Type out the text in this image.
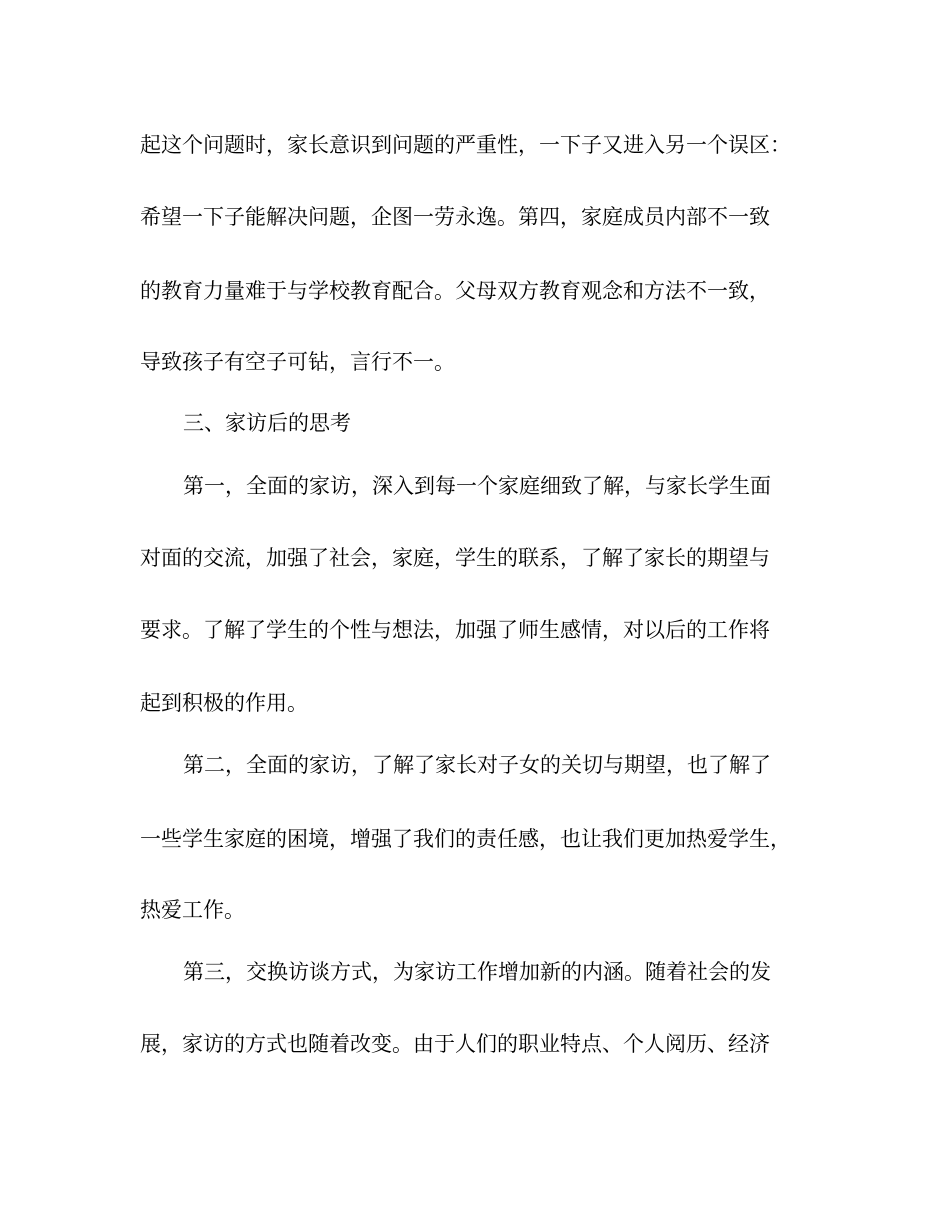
起这个问题时，家长意识到问题的严重性，一下子又进入另一个误区：
希望一下子能解决问题，企图一劳永逸。第四，家庭成员内部不一致
的教育力量难于与学校教育配合。父母双方教育观念和方法不一致，
导致孩子有空子可钻，言行不一。
三、家访后的思考
第一，全面的家访，深入到每一个家庭细致了解，与家长学生面
对面的交流，加强了社会，家庭，学生的联系，了解了家长的期望与
要求。了解了学生的个性与想法，加强了师生感情，对以后的工作将
起到积极的作用。
第二，全面的家访，了解了家长对子女的关切与期望，也了解了
一些学生家庭的困境，增强了我们的责任感，也让我们更加热爱学生，
热爱工作。
第三，交换访谈方式，为家访工作增加新的内涵。随着社会的发
展，家访的方式也随着改变。由于人们的职业特点、个人阅历、经济
